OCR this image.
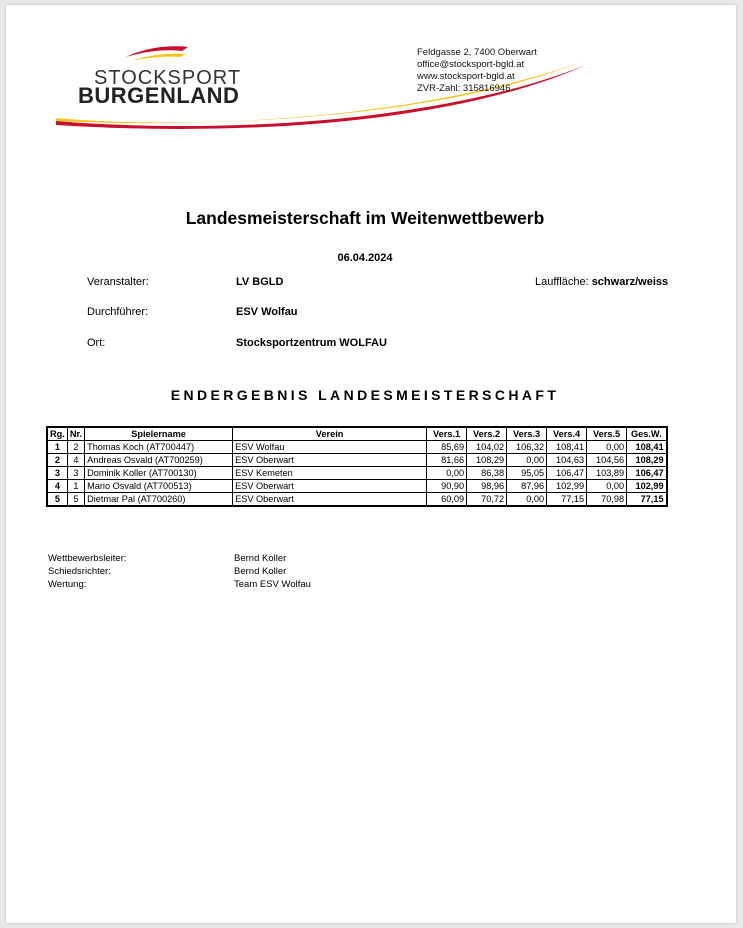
STOCKSPORT
BURGENLAND
Feldgasse 2, 7400 Oberwart
office@stocksport-bgld.at
www.stocksport-bgld.at
ZVR-Zahl: 315816946
Landesmeisterschaft im Weitenwettbewerb
06.04.2024
Veranstalter:	LV BGLD	Lauffläche: schwarz/weiss
Durchführer:	ESV Wolfau
Ort:	Stocksportzentrum WOLFAU
ENDERGEBNIS LANDESMEISTERSCHAFT
Rg.	Nr.	Spielername	Verein	Vers.1	Vers.2	Vers.3	Vers.4	Vers.5	Ges.W.
1	2	Thomas Koch (AT700447)	ESV Wolfau	85,69	104,02	106,32	108,41	0,00	108,41
2	4	Andreas Osvald (AT700259)	ESV Oberwart	81,66	108,29	0,00	104,63	104,56	108,29
3	3	Dominik Koller (AT700130)	ESV Kemeten	0,00	86,38	95,05	106,47	103,89	106,47
4	1	Mario Osvald (AT700513)	ESV Oberwart	90,90	98,96	87,96	102,99	0,00	102,99
5	5	Dietmar Pal (AT700260)	ESV Oberwart	60,09	70,72	0,00	77,15	70,98	77,15
Wettbewerbsleiter:	Bernd Koller
Schiedsrichter:	Bernd Koller
Wertung:	Team ESV Wolfau
